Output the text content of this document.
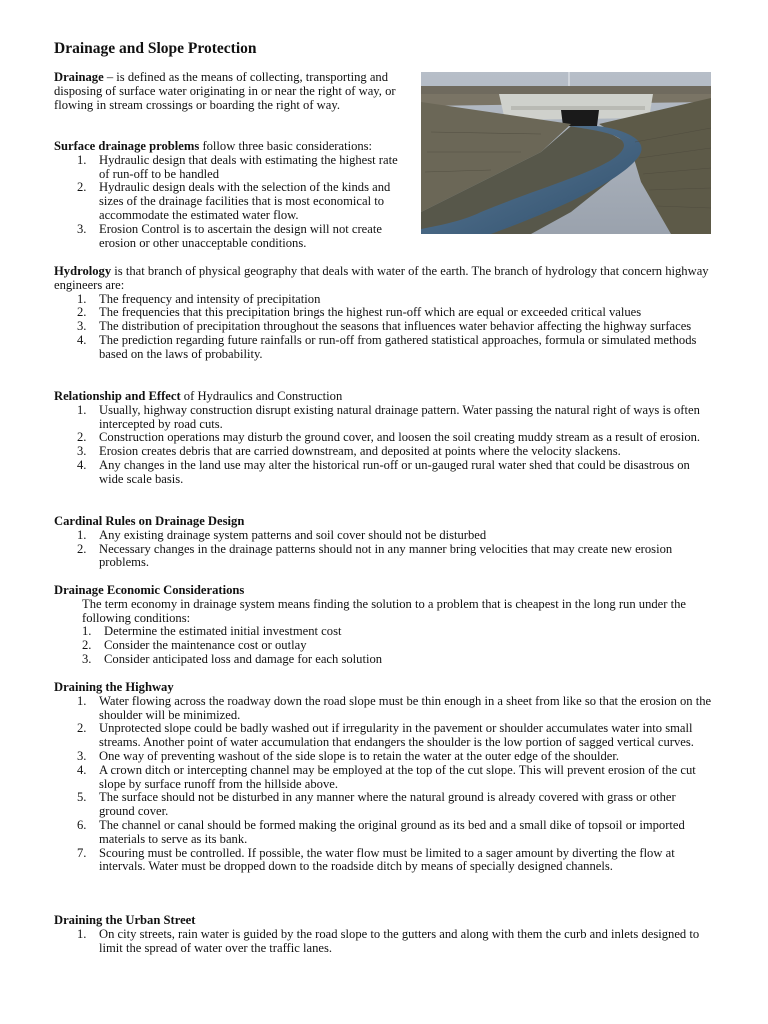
Drainage and Slope Protection

Drainage – is defined as the means of collecting, transporting and disposing of surface water originating in or near the right of way, or flowing in stream crossings or boarding the right of way.

Surface drainage problems follow three basic considerations:

1. Hydraulic design that deals with estimating the highest rate of run-off to be handled
2. Hydraulic design deals with the selection of the kinds and sizes of the drainage facilities that is most economical to accommodate the estimated water flow.
3. Erosion Control is to ascertain the design will not create erosion or other unacceptable conditions.

Hydrology is that branch of physical geography that deals with water of the earth. The branch of hydrology that concern highway engineers are:

1. The frequency and intensity of precipitation
2. The frequencies that this precipitation brings the highest run-off which are equal or exceeded critical values
3. The distribution of precipitation throughout the seasons that influences water behavior affecting the highway surfaces
4. The prediction regarding future rainfalls or run-off from gathered statistical approaches, formula or simulated methods based on the laws of probability.

Relationship and Effect of Hydraulics and Construction

1. Usually, highway construction disrupt existing natural drainage pattern. Water passing the natural right of ways is often intercepted by road cuts.
2. Construction operations may disturb the ground cover, and loosen the soil creating muddy stream as a result of erosion.
3. Erosion creates debris that are carried downstream, and deposited at points where the velocity slackens.
4. Any changes in the land use may alter the historical run-off or un-gauged rural water shed that could be disastrous on wide scale basis.

Cardinal Rules on Drainage Design

1. Any existing drainage system patterns and soil cover should not be disturbed
2. Necessary changes in the drainage patterns should not in any manner bring velocities that may create new erosion problems.

Drainage Economic Considerations

The term economy in drainage system means finding the solution to a problem that is cheapest in the long run under the following conditions:

1. Determine the estimated initial investment cost
2. Consider the maintenance cost or outlay
3. Consider anticipated loss and damage for each solution

Draining the Highway

1. Water flowing across the roadway down the road slope must be thin enough in a sheet from like so that the erosion on the shoulder will be minimized.
2. Unprotected slope could be badly washed out if irregularity in the pavement or shoulder accumulates water into small streams. Another point of water accumulation that endangers the shoulder is the low portion of sagged vertical curves.
3. One way of preventing washout of the side slope is to retain the water at the outer edge of the shoulder.
4. A crown ditch or intercepting channel may be employed at the top of the cut slope. This will prevent erosion of the cut slope by surface runoff from the hillside above.
5. The surface should not be disturbed in any manner where the natural ground is already covered with grass or other ground cover.
6. The channel or canal should be formed making the original ground as its bed and a small dike of topsoil or imported materials to serve as its bank.
7. Scouring must be controlled. If possible, the water flow must be limited to a sager amount by diverting the flow at intervals. Water must be dropped down to the roadside ditch by means of specially designed channels.

Draining the Urban Street

1. On city streets, rain water is guided by the road slope to the gutters and along with them the curb and inlets designed to limit the spread of water over the traffic lanes.
